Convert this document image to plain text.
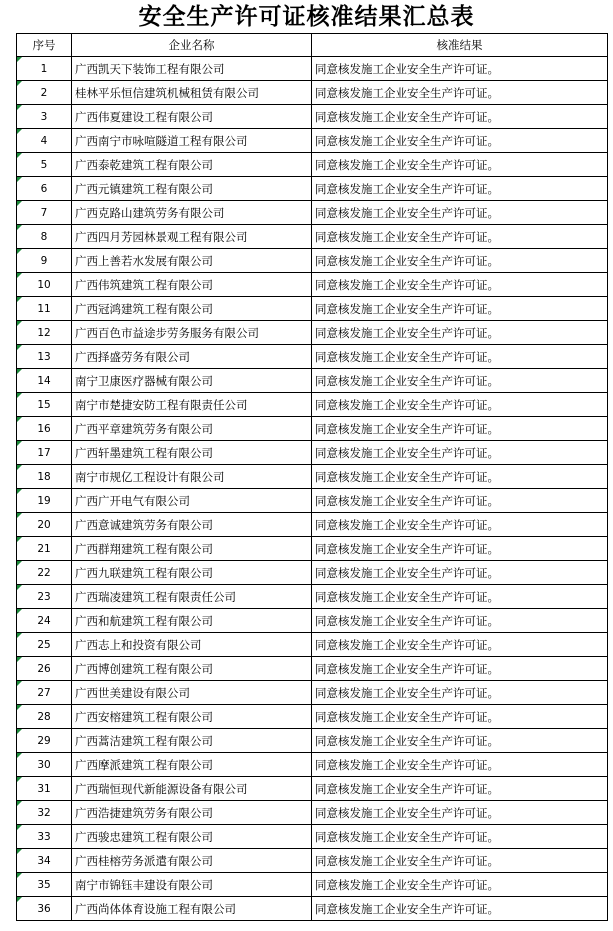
安全生产许可证核准结果汇总表
序号	企业名称	核准结果
1	广西凯天下装饰工程有限公司	同意核发施工企业安全生产许可证。
2	桂林平乐恒信建筑机械租赁有限公司	同意核发施工企业安全生产许可证。
3	广西伟夏建设工程有限公司	同意核发施工企业安全生产许可证。
4	广西南宁市咏喧隧道工程有限公司	同意核发施工企业安全生产许可证。
5	广西泰乾建筑工程有限公司	同意核发施工企业安全生产许可证。
6	广西元镇建筑工程有限公司	同意核发施工企业安全生产许可证。
7	广西克路山建筑劳务有限公司	同意核发施工企业安全生产许可证。
8	广西四月芳园林景观工程有限公司	同意核发施工企业安全生产许可证。
9	广西上善若水发展有限公司	同意核发施工企业安全生产许可证。
10	广西伟筑建筑工程有限公司	同意核发施工企业安全生产许可证。
11	广西冠鸿建筑工程有限公司	同意核发施工企业安全生产许可证。
12	广西百色市益途步劳务服务有限公司	同意核发施工企业安全生产许可证。
13	广西择盛劳务有限公司	同意核发施工企业安全生产许可证。
14	南宁卫康医疗器械有限公司	同意核发施工企业安全生产许可证。
15	南宁市楚捷安防工程有限责任公司	同意核发施工企业安全生产许可证。
16	广西平章建筑劳务有限公司	同意核发施工企业安全生产许可证。
17	广西轩墨建筑工程有限公司	同意核发施工企业安全生产许可证。
18	南宁市规亿工程设计有限公司	同意核发施工企业安全生产许可证。
19	广西广开电气有限公司	同意核发施工企业安全生产许可证。
20	广西意诚建筑劳务有限公司	同意核发施工企业安全生产许可证。
21	广西群翔建筑工程有限公司	同意核发施工企业安全生产许可证。
22	广西九联建筑工程有限公司	同意核发施工企业安全生产许可证。
23	广西瑞凌建筑工程有限责任公司	同意核发施工企业安全生产许可证。
24	广西和航建筑工程有限公司	同意核发施工企业安全生产许可证。
25	广西志上和投资有限公司	同意核发施工企业安全生产许可证。
26	广西博创建筑工程有限公司	同意核发施工企业安全生产许可证。
27	广西世美建设有限公司	同意核发施工企业安全生产许可证。
28	广西安榕建筑工程有限公司	同意核发施工企业安全生产许可证。
29	广西蒿洁建筑工程有限公司	同意核发施工企业安全生产许可证。
30	广西摩派建筑工程有限公司	同意核发施工企业安全生产许可证。
31	广西瑞恒现代新能源设备有限公司	同意核发施工企业安全生产许可证。
32	广西浩捷建筑劳务有限公司	同意核发施工企业安全生产许可证。
33	广西骏忠建筑工程有限公司	同意核发施工企业安全生产许可证。
34	广西桂榕劳务派遣有限公司	同意核发施工企业安全生产许可证。
35	南宁市锦钰丰建设有限公司	同意核发施工企业安全生产许可证。
36	广西尚体体育设施工程有限公司	同意核发施工企业安全生产许可证。
